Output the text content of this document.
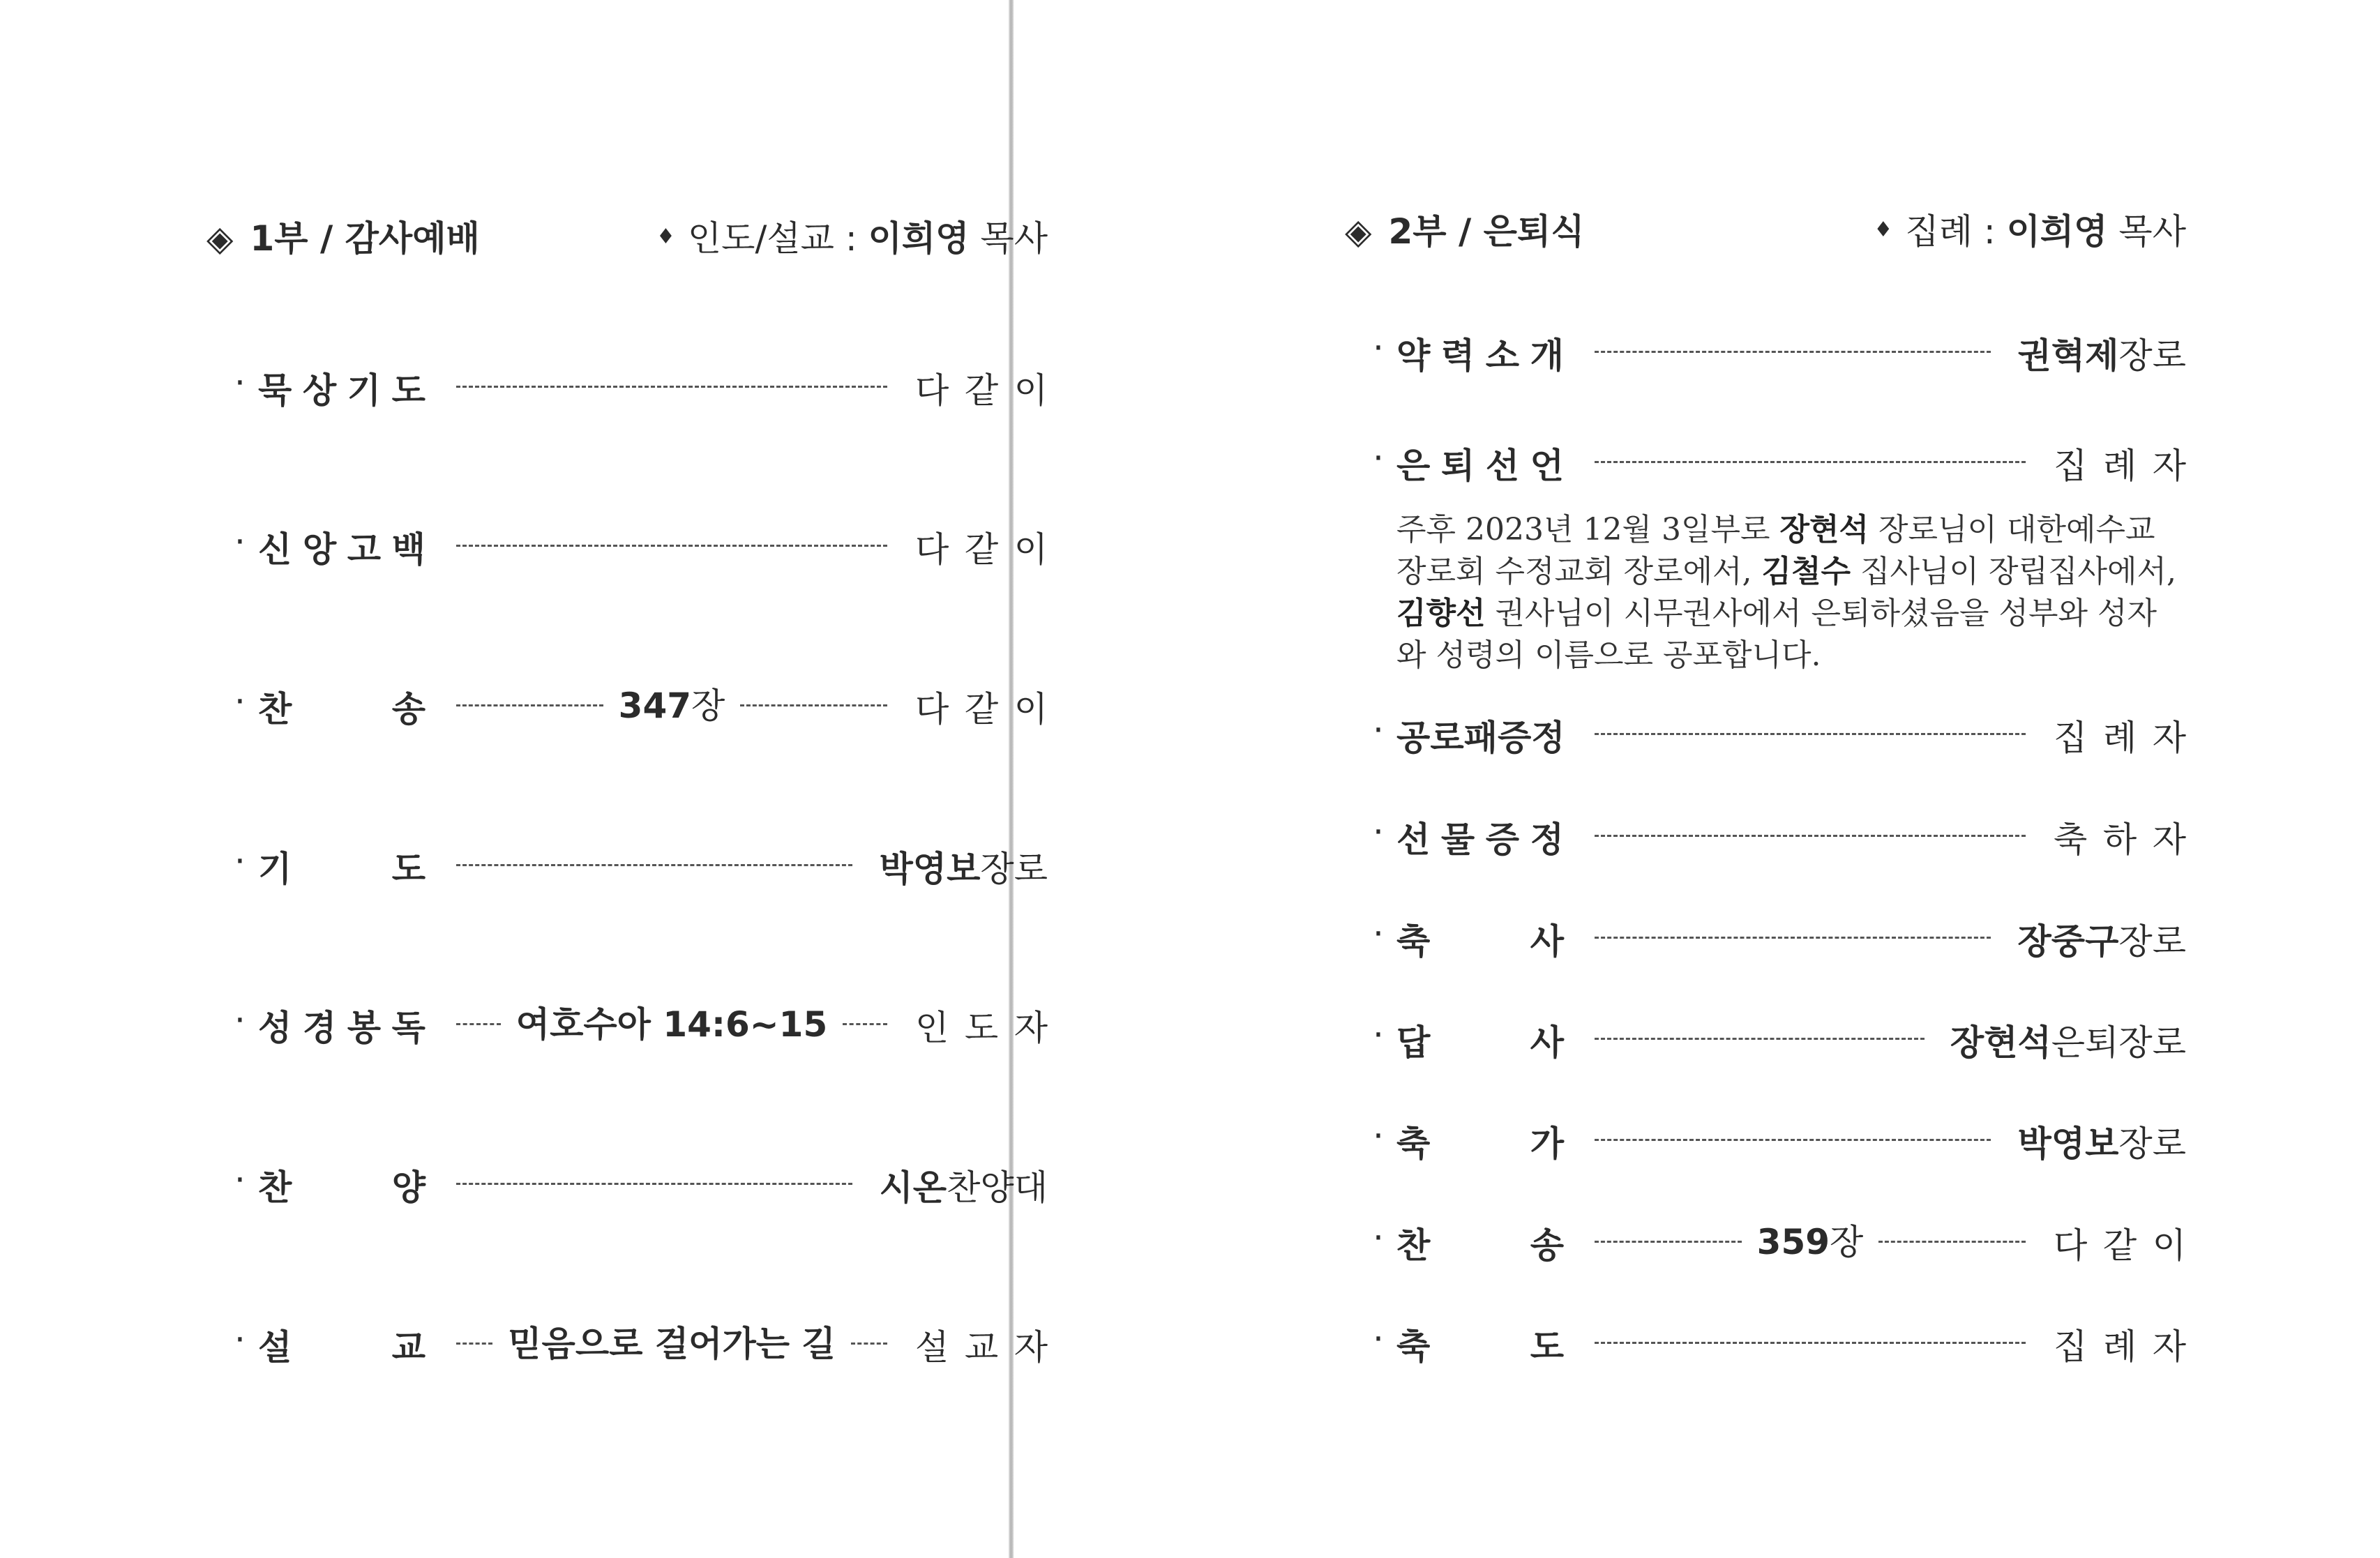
◈ 1부 / 감사예배	♦ 인도/설교 : 이희영 목사
· 묵 상 기 도	다 같 이
· 신 앙 고 백	다 같 이
· 찬	송	347장	다 같 이
· 기	도	박영보장로
· 성 경 봉 독	여호수아 14:6~15	인 도 자
· 찬	양	시온찬양대
· 설	교	믿음으로 걸어가는 길	설 교 자
◈ 2부 / 은퇴식	♦ 집례 : 이희영 목사
· 약 력 소 개	권혁제장로
· 은 퇴 선 언	집 례 자
· 공 로 패 증 정	집 례 자
· 선 물 증 정	축 하 자
· 축	사	장중구장로
· 답	사	장현석은퇴장로
· 축	가	박영보장로
· 찬	송	359장	다 같 이
· 축	도	집 례 자
주후 2023년 12월 3일부로 장현석 장로님이 대한예수교 장로회 수정교회 장로에서, 김철수 집사님이 장립집사에서, 김향선 권사님이 시무권사에서 은퇴하셨음을 성부와 성자와 성령의 이름으로 공포합니다.
